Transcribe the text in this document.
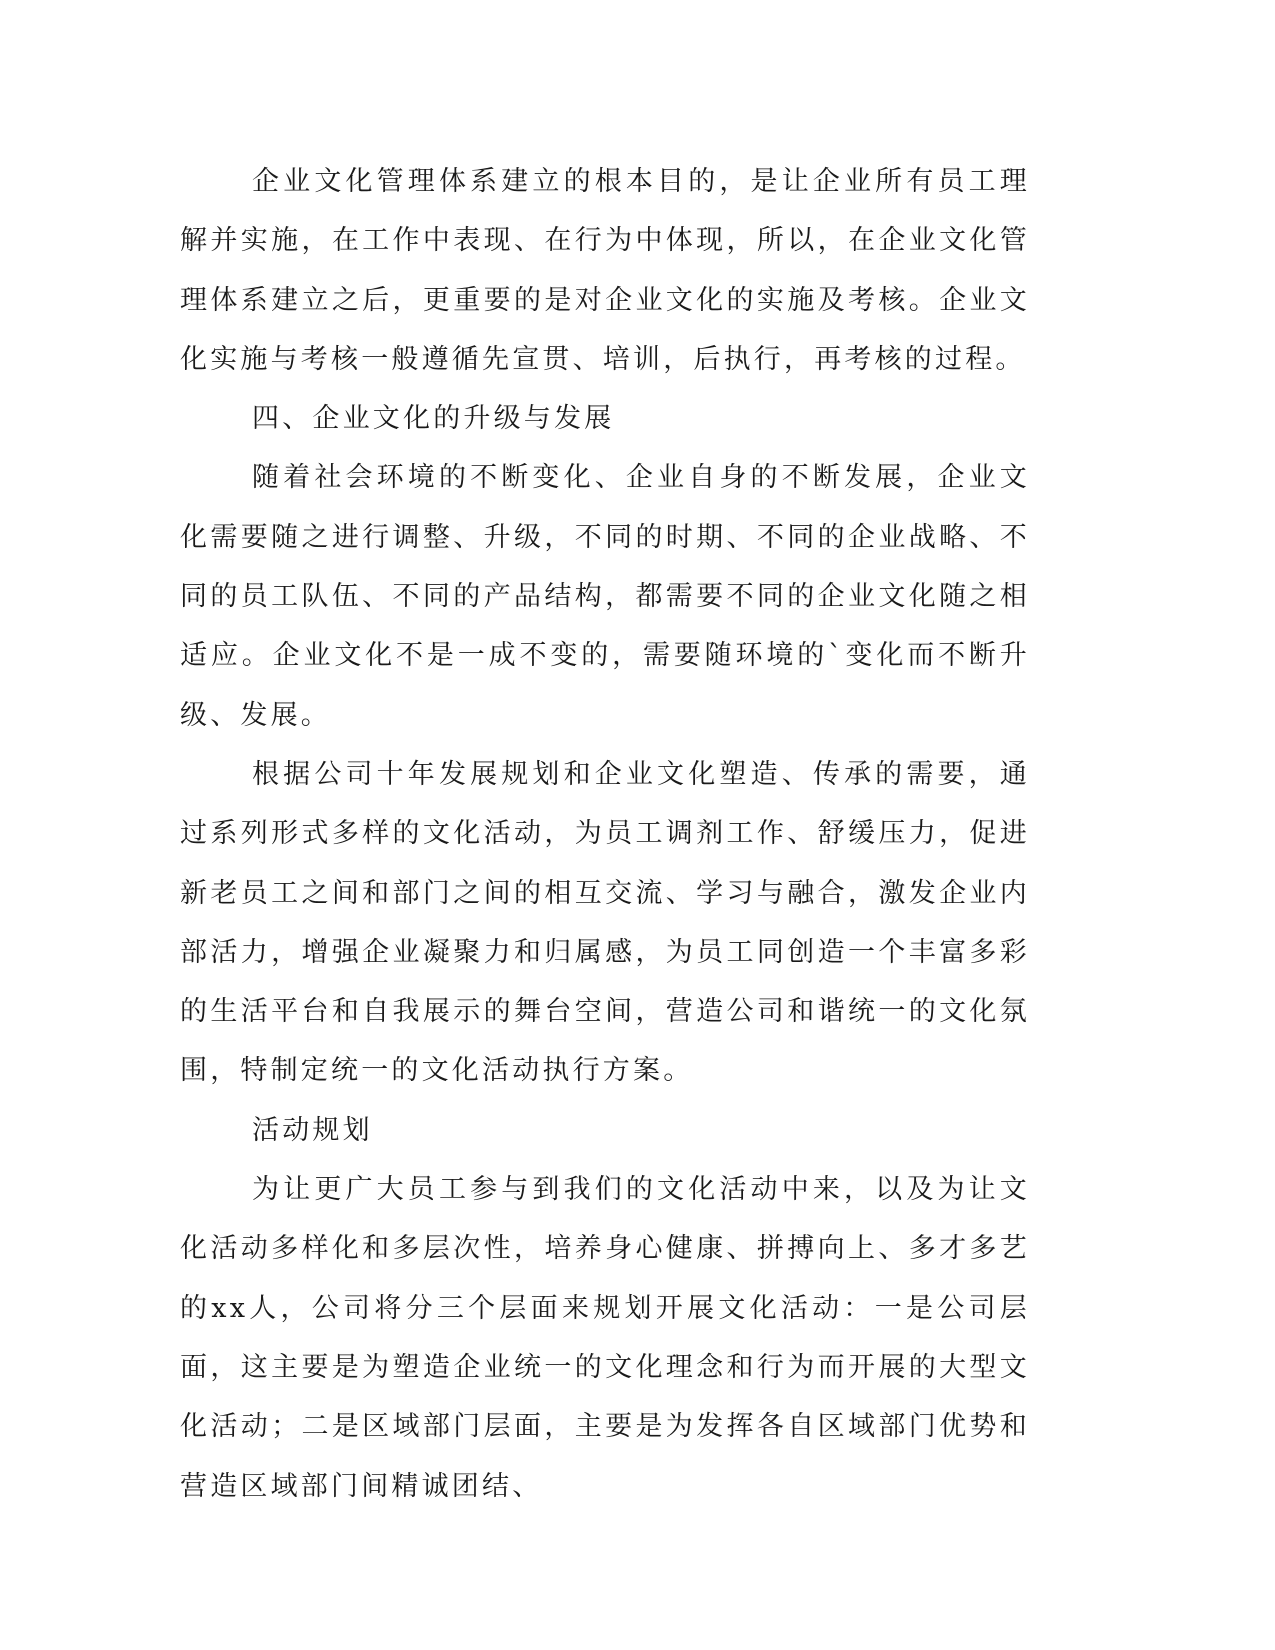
企业文化管理体系建立的根本目的，是让企业所有员工理解并实施，在工作中表现、在行为中体现，所以，在企业文化管理体系建立之后，更重要的是对企业文化的实施及考核。企业文化实施与考核一般遵循先宣贯、培训，后执行，再考核的过程。

四、企业文化的升级与发展

随着社会环境的不断变化、企业自身的不断发展，企业文化需要随之进行调整、升级，不同的时期、不同的企业战略、不同的员工队伍、不同的产品结构，都需要不同的企业文化随之相适应。企业文化不是一成不变的，需要随环境的`变化而不断升级、发展。

根据公司十年发展规划和企业文化塑造、传承的需要，通过系列形式多样的文化活动，为员工调剂工作、舒缓压力，促进新老员工之间和部门之间的相互交流、学习与融合，激发企业内部活力，增强企业凝聚力和归属感，为员工同创造一个丰富多彩的生活平台和自我展示的舞台空间，营造公司和谐统一的文化氛围，特制定统一的文化活动执行方案。

活动规划

为让更广大员工参与到我们的文化活动中来，以及为让文化活动多样化和多层次性，培养身心健康、拼搏向上、多才多艺的xx人，公司将分三个层面来规划开展文化活动：一是公司层面，这主要是为塑造企业统一的文化理念和行为而开展的大型文化活动；二是区域部门层面，主要是为发挥各自区域部门优势和营造区域部门间精诚团结、
